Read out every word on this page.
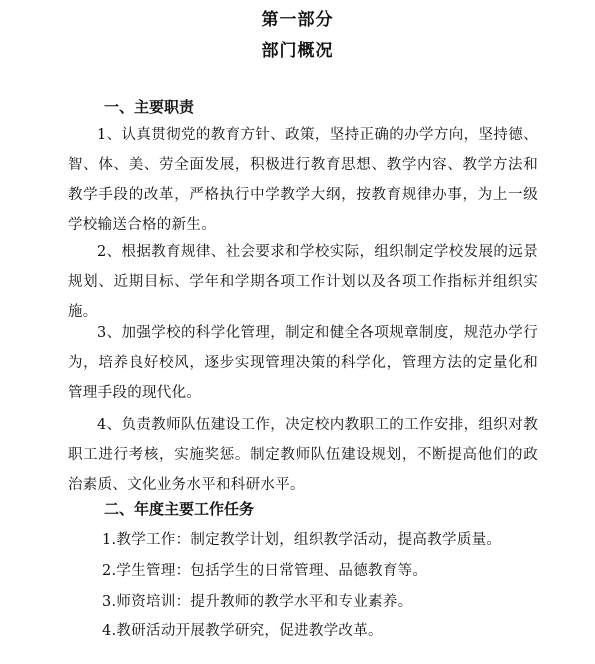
第一部分
部门概况
一、主要职责
1、认真贯彻党的教育方针、政策，坚持正确的办学方向，坚持德、智、体、美、劳全面发展，积极进行教育思想、教学内容、教学方法和教学手段的改革，严格执行中学教学大纲，按教育规律办事，为上一级学校输送合格的新生。
2、根据教育规律、社会要求和学校实际，组织制定学校发展的远景规划、近期目标、学年和学期各项工作计划以及各项工作指标并组织实施。
3、加强学校的科学化管理，制定和健全各项规章制度，规范办学行为，培养良好校风，逐步实现管理决策的科学化，管理方法的定量化和管理手段的现代化。
4、负责教师队伍建设工作，决定校内教职工的工作安排，组织对教职工进行考核，实施奖惩。制定教师队伍建设规划，不断提高他们的政治素质、文化业务水平和科研水平。
二、年度主要工作任务
1.教学工作：制定教学计划，组织教学活动，提高教学质量。
2.学生管理：包括学生的日常管理、品德教育等。
3.师资培训：提升教师的教学水平和专业素养。
4.教研活动开展教学研究，促进教学改革。
